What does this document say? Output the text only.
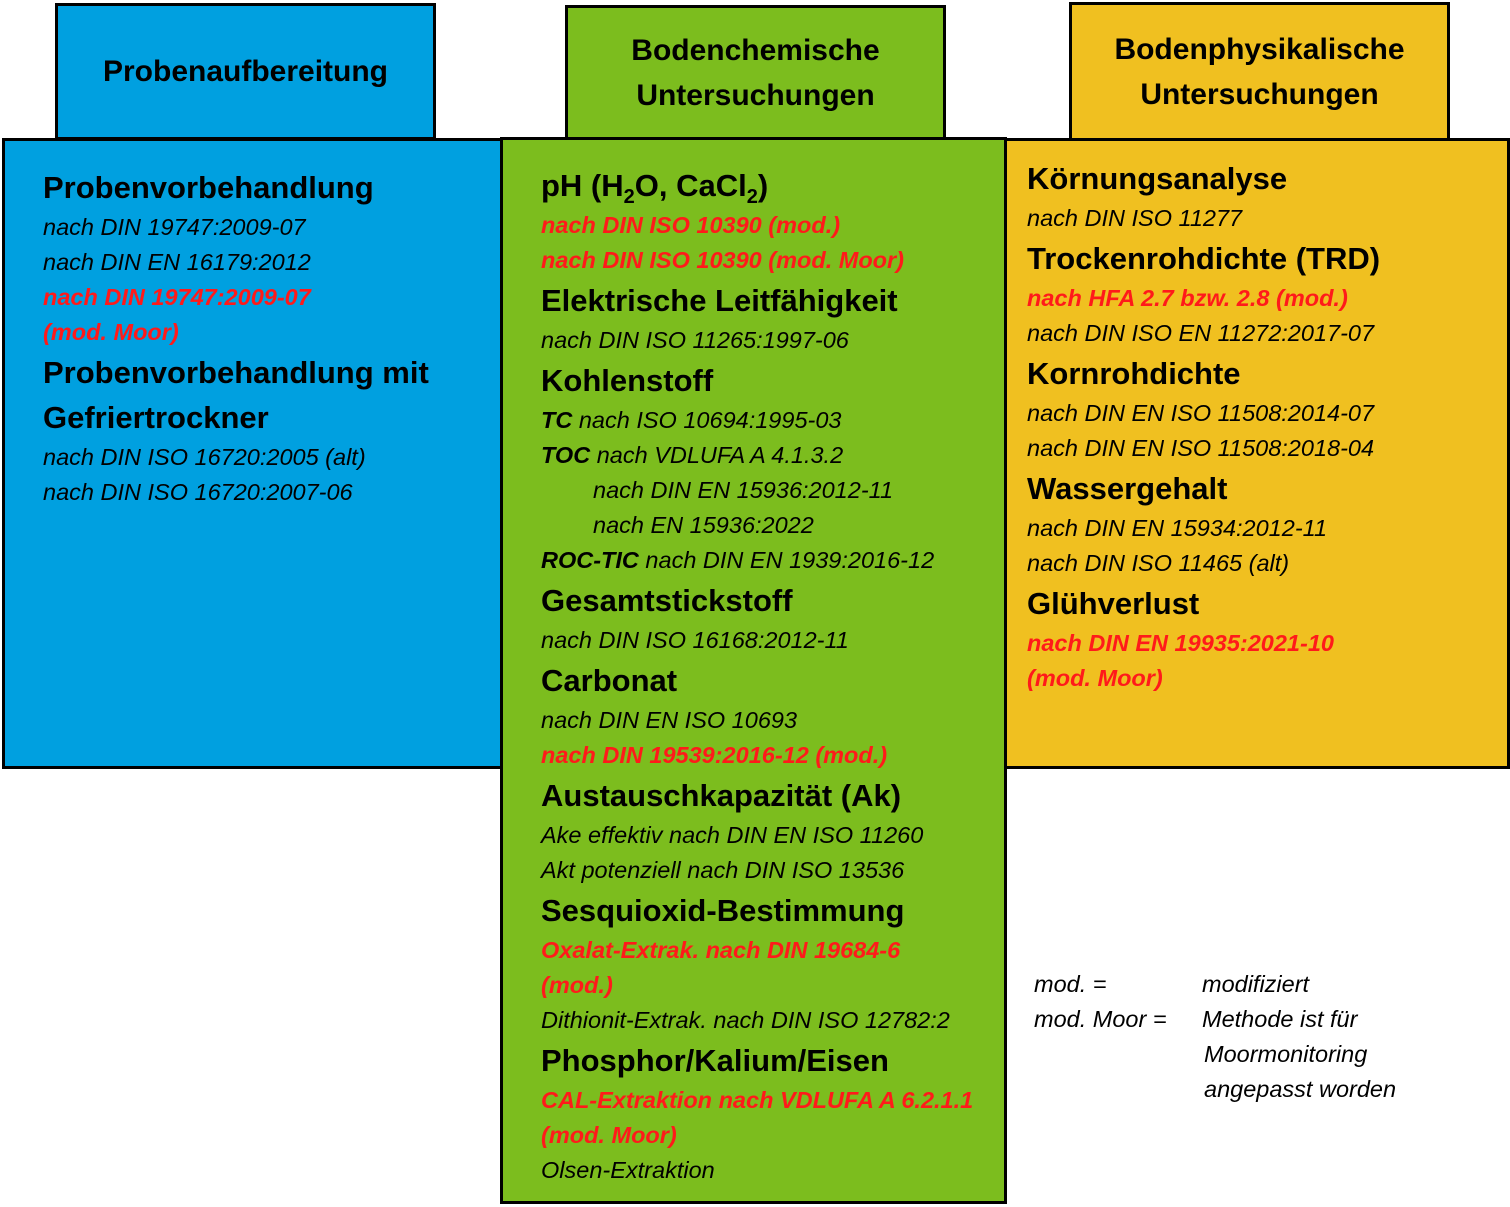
Probenaufbereitung
Probenvorbehandlung
nach DIN 19747:2009-07
nach DIN EN 16179:2012
nach DIN 19747:2009-07
(mod. Moor)
Probenvorbehandlung mit
Gefriertrockner
nach DIN ISO 16720:2005 (alt)
nach DIN ISO 16720:2007-06
Bodenphysikalische
Untersuchungen
Körnungsanalyse
nach DIN ISO 11277
Trockenrohdichte (TRD)
nach HFA 2.7 bzw. 2.8 (mod.)
nach DIN ISO EN 11272:2017-07
Kornrohdichte
nach DIN EN ISO 11508:2014-07
nach DIN EN ISO 11508:2018-04
Wassergehalt
nach DIN EN 15934:2012-11
nach DIN ISO 11465 (alt)
Glühverlust
nach DIN EN 19935:2021-10
(mod. Moor)
Bodenchemische
Untersuchungen
pH ($H_2O$, CaCl$_2$)
nach DIN ISO 10390 (mod.)
nach DIN ISO 10390 (mod. Moor)
Elektrische Leitfähigkeit
nach DIN ISO 11265:1997-06
Kohlenstoff
TC nach ISO 10694:1995-03
TOC nach VDLUFA A 4.1.3.2
nach DIN EN 15936:2012-11
nach EN 15936:2022
ROC-TIC nach DIN EN 1939:2016-12
Gesamtstickstoff
nach DIN ISO 16168:2012-11
Carbonat
nach DIN EN ISO 10693
nach DIN 19539:2016-12 (mod.)
Austauschkapazität (Ak)
Ake effektiv nach DIN EN ISO 11260
Akt potenziell nach DIN ISO 13536
Sesquioxid-Bestimmung
Oxalat-Extrak. nach DIN 19684-6
(mod.)
Dithionit-Extrak. nach DIN ISO 12782:2
Phosphor/Kalium/Eisen
CAL-Extraktion nach VDLUFA A 6.2.1.1
(mod. Moor)
Olsen-Extraktion
mod. =	modifiziert
mod. Moor = Methode ist für
Moormonitoring
angepasst worden
